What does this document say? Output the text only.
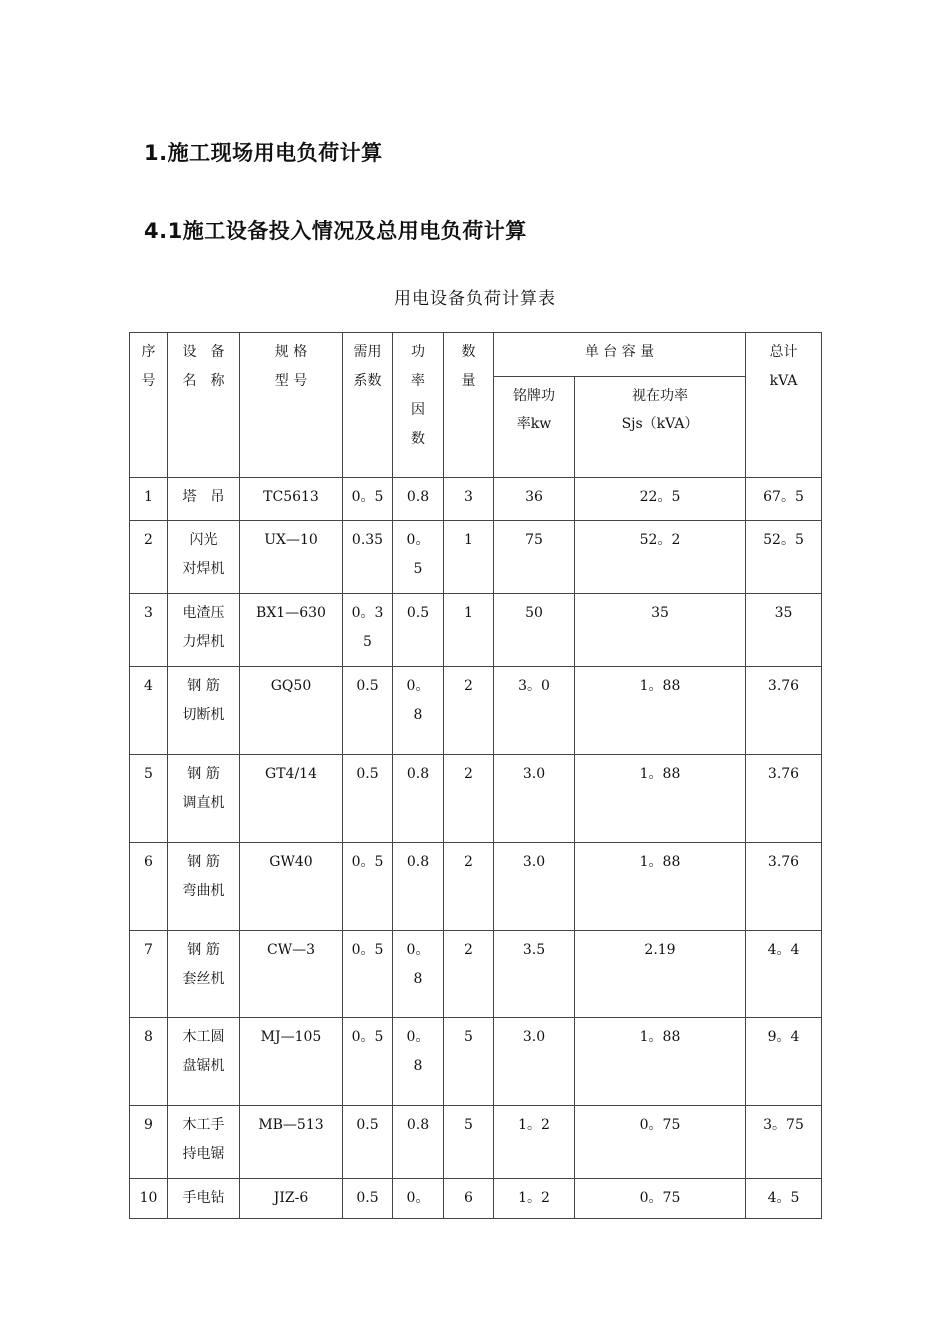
1.施工现场用电负荷计算
4.1施工设备投入情况及总用电负荷计算
用电设备负荷计算表
序
号	设　备
名　称	规 格
型 号	需用
系数	功
率
因
数	数
量	单 台 容 量		总计
kVA
						铭牌功
率kw	视在功率
Sjs（kVA）	
1	塔　吊	TC5613	0。5	0.8	3	36	22。5	67。5
2	闪光
对焊机	UX—10	0.35	0。
5	1	75	52。2	52。5
3	电渣压
力焊机	BX1—630	0。3
5	0.5	1	50	35	35
4	钢 筋
切断机	GQ50	0.5	0。
8	2	3。0	1。88	3.76
5	钢 筋
调直机	GT4/14	0.5	0.8	2	3.0	1。88	3.76
6	钢 筋
弯曲机	GW40	0。5	0.8	2	3.0	1。88	3.76
7	钢 筋
套丝机	CW—3	0。5	0。
8	2	3.5	2.19	4。4
8	木工圆
盘锯机	MJ—105	0。5	0。
8	5	3.0	1。88	9。4
9	木工手
持电锯	MB—513	0.5	0.8	5	1。2	0。75	3。75
10	手电钻	JIZ-6	0.5	0。	6	1。2	0。75	4。5
